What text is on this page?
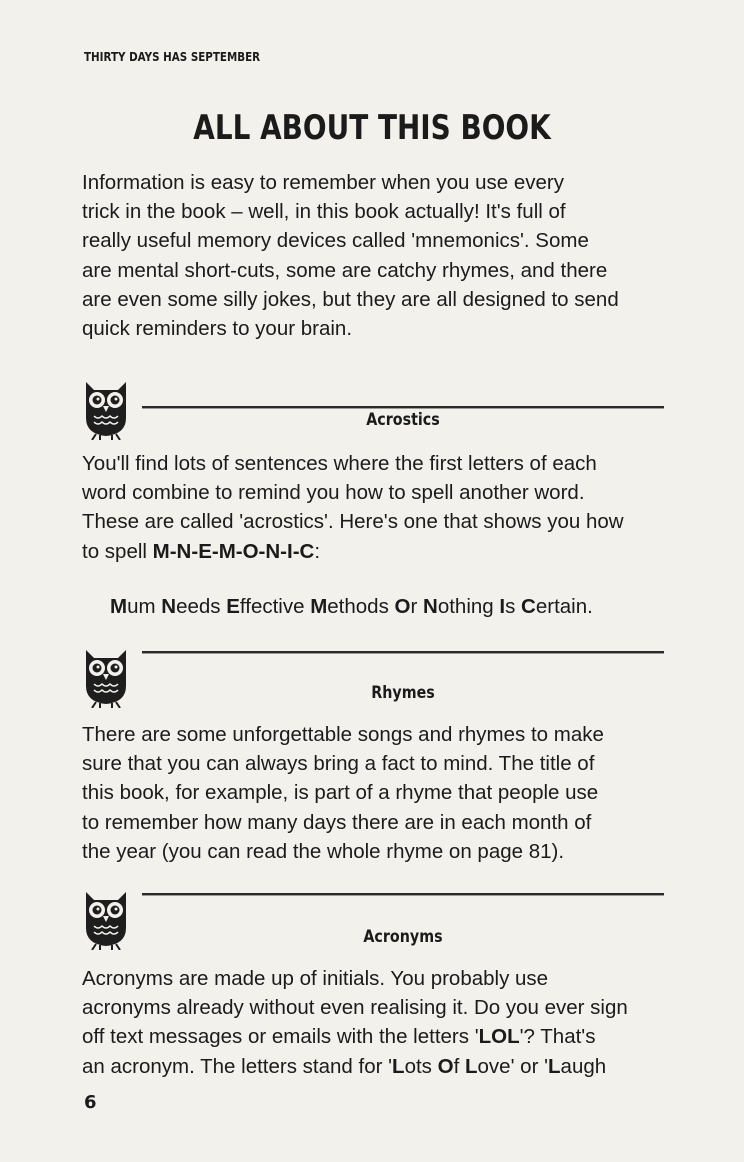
THIRTY DAYS HAS SEPTEMBER
ALL ABOUT THIS BOOK
Information is easy to remember when you use every
trick in the book – well, in this book actually! It's full of
really useful memory devices called 'mnemonics'. Some
are mental short-cuts, some are catchy rhymes, and there
are even some silly jokes, but they are all designed to send
quick reminders to your brain.
Acrostics
You'll find lots of sentences where the first letters of each
word combine to remind you how to spell another word.
These are called 'acrostics'. Here's one that shows you how
to spell M-N-E-M-O-N-I-C:
Mum Needs Effective Methods Or Nothing Is Certain.
Rhymes
There are some unforgettable songs and rhymes to make
sure that you can always bring a fact to mind. The title of
this book, for example, is part of a rhyme that people use
to remember how many days there are in each month of
the year (you can read the whole rhyme on page 81).
Acronyms
Acronyms are made up of initials. You probably use
acronyms already without even realising it. Do you ever sign
off text messages or emails with the letters 'LOL'? That's
an acronym. The letters stand for 'Lots Of Love' or 'Laugh
6
